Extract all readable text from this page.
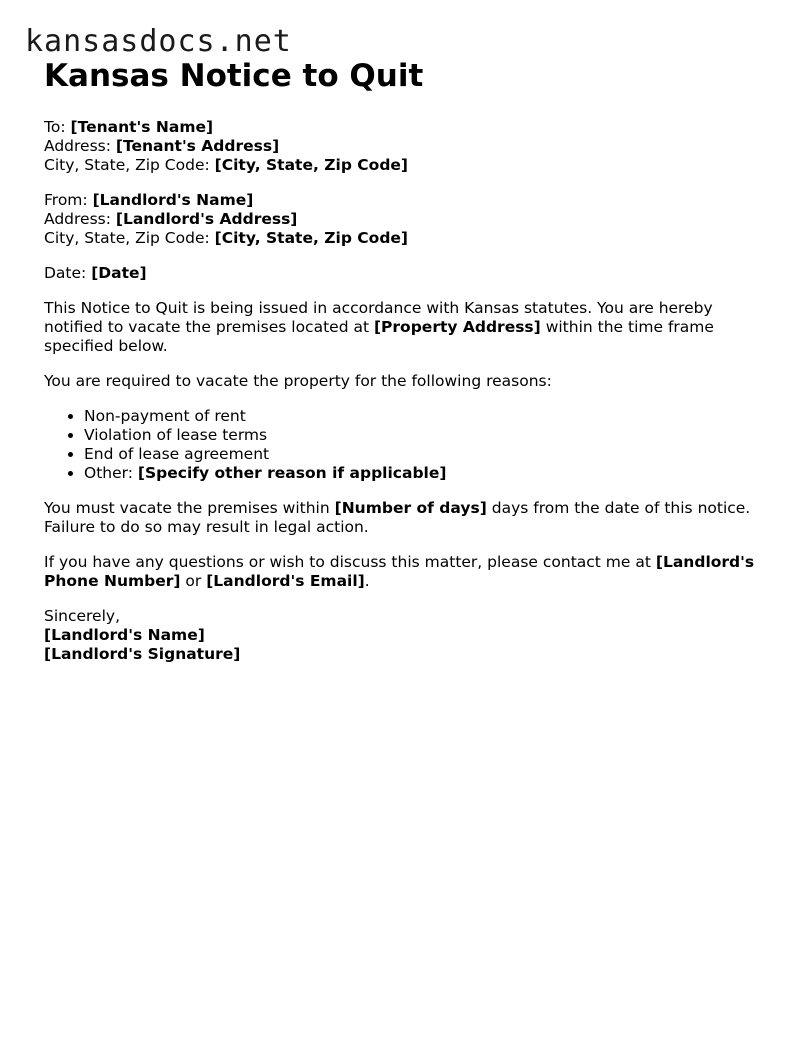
kansasdocs.net
Kansas Notice to Quit

To: [Tenant's Name]

Address: [Tenant's Address]

City, State, Zip Code: [City, State, Zip Code]

From: [Landlord's Name]

Address: [Landlord's Address]

City, State, Zip Code: [City, State, Zip Code]

Date: [Date]

This Notice to Quit is being issued in accordance with Kansas statutes. You are hereby notified to vacate the premises located at [Property Address] within the time frame specified below.

You are required to vacate the property for the following reasons:

• Non-payment of rent
• Violation of lease terms
• End of lease agreement
• Other: [Specify other reason if applicable]

You must vacate the premises within [Number of days] days from the date of this notice. Failure to do so may result in legal action.

If you have any questions or wish to discuss this matter, please contact me at [Landlord's Phone Number] or [Landlord's Email].

Sincerely,

[Landlord's Name]

[Landlord's Signature]
